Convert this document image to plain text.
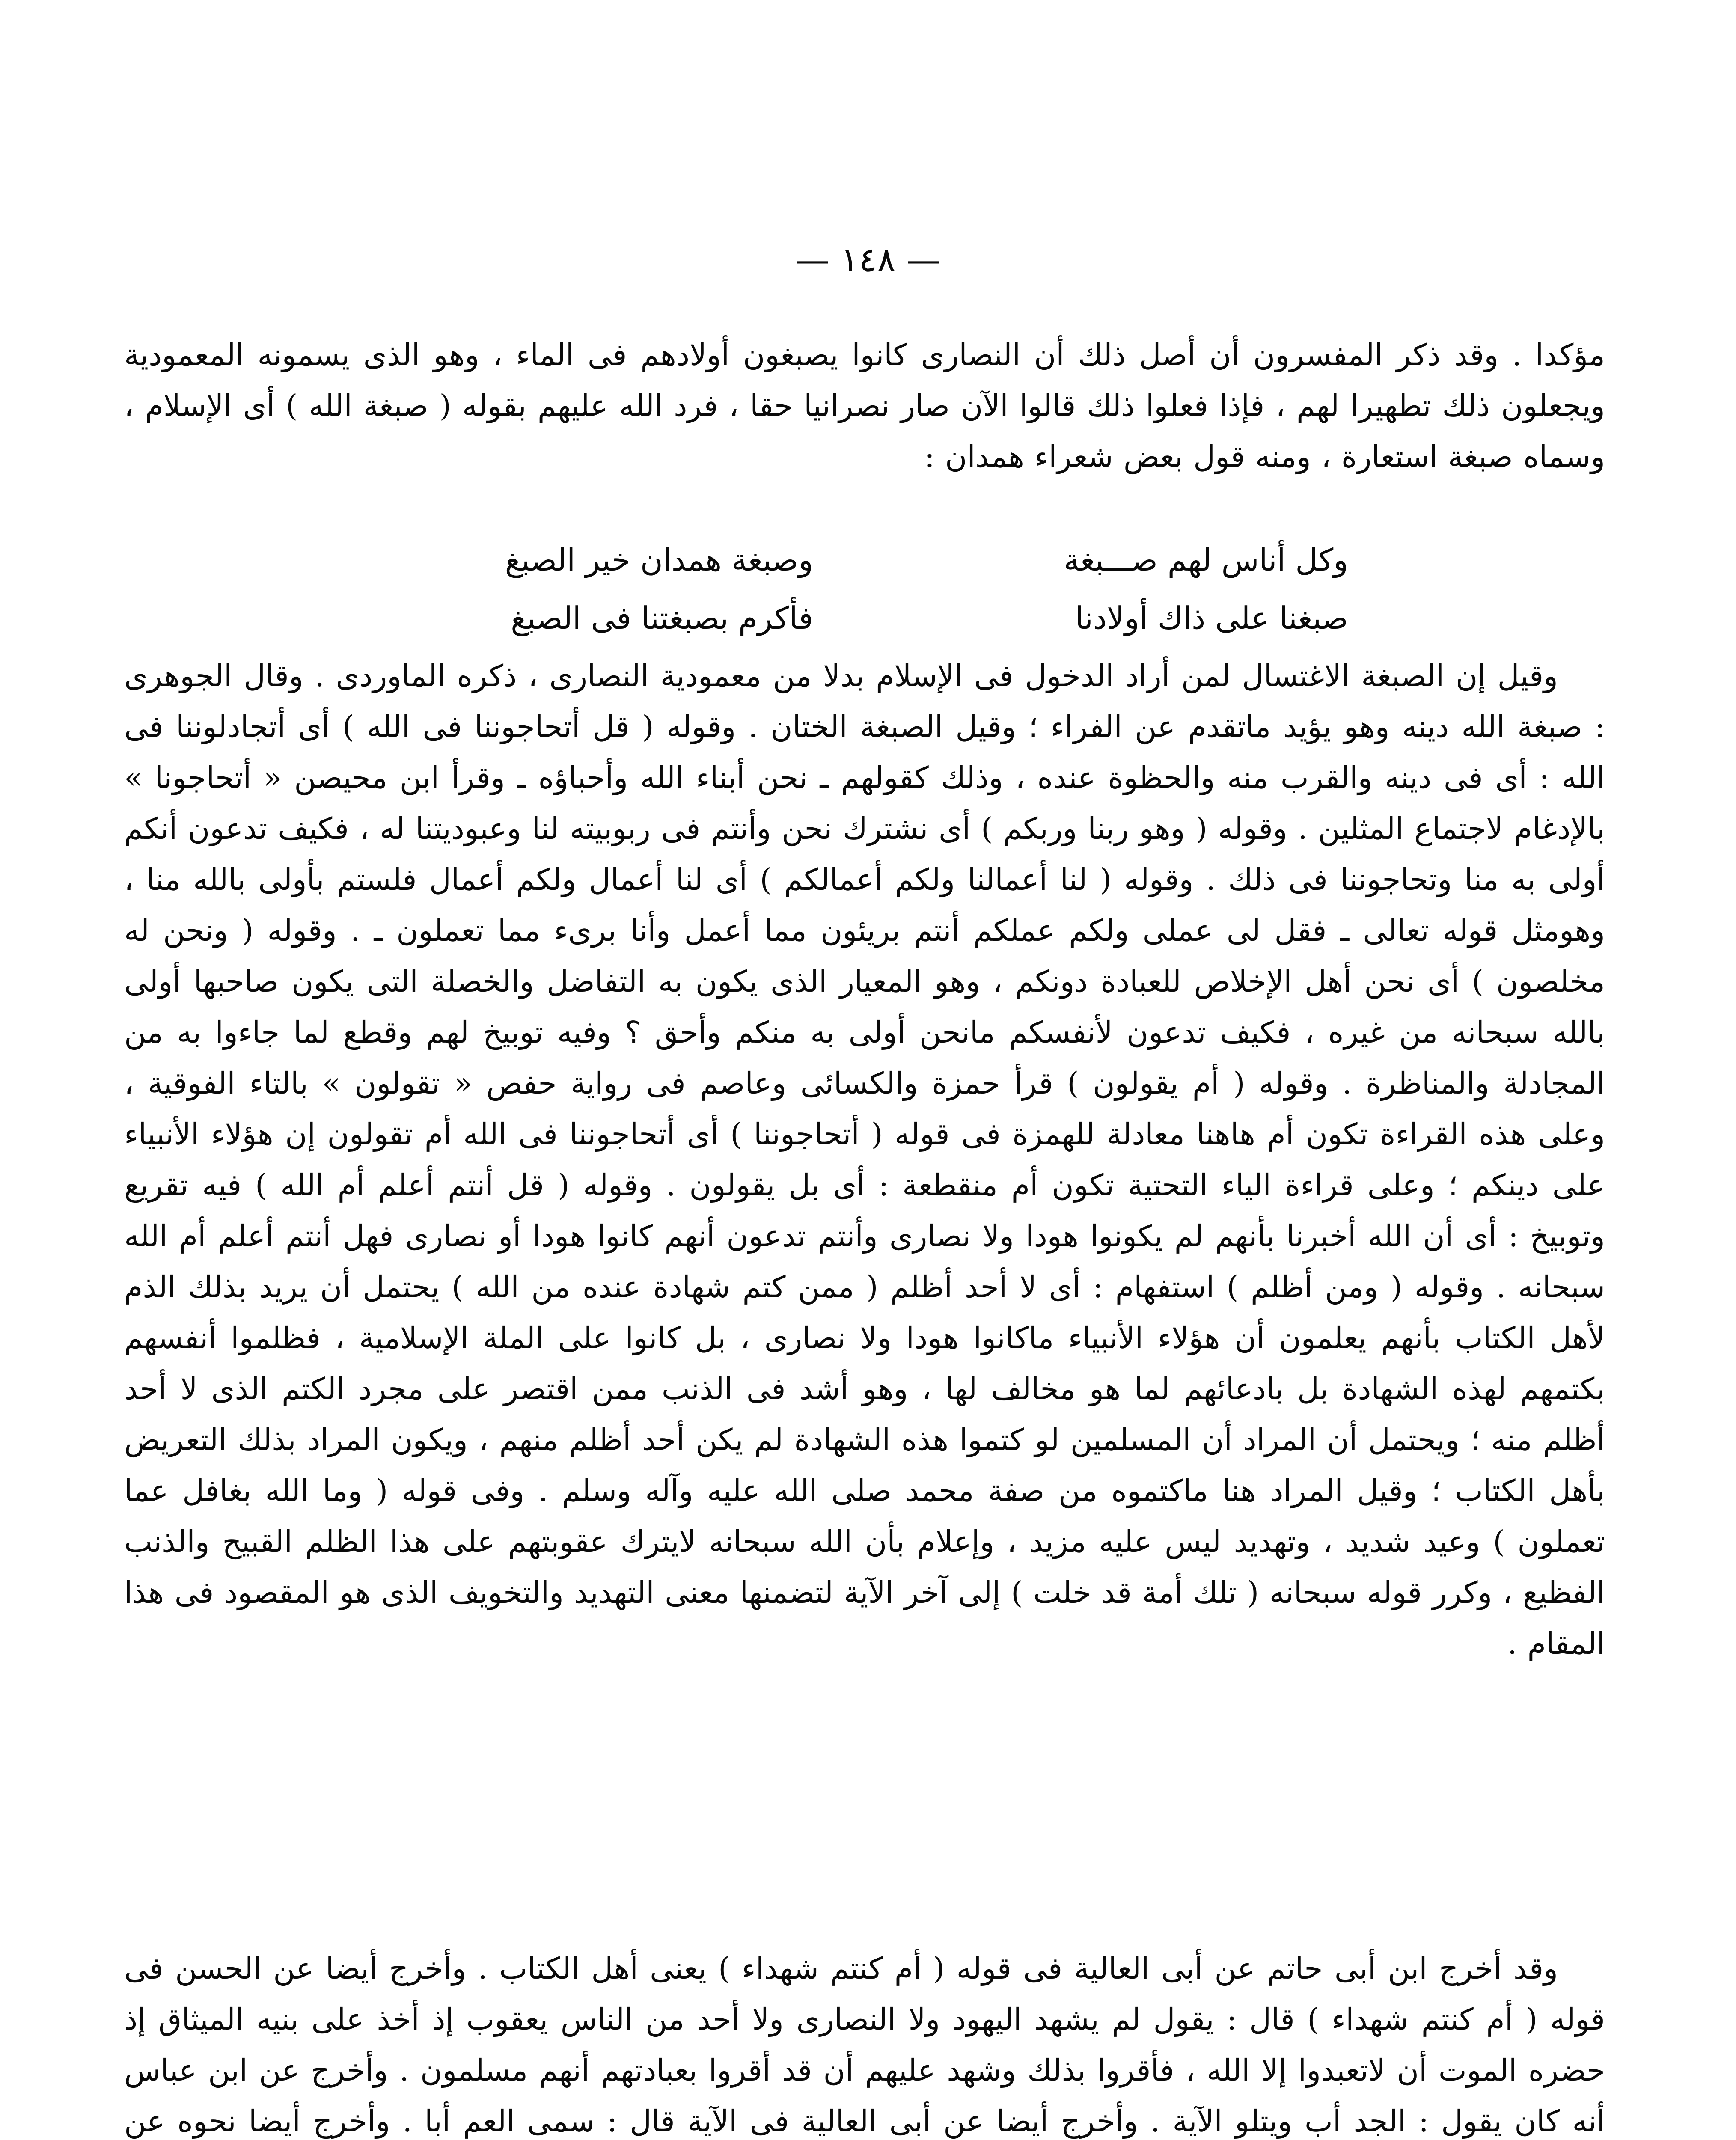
— ١٤٨ —

مؤكدا . وقد ذكر المفسرون أن أصل ذلك أن النصارى كانوا يصبغون أولادهم فى الماء ، وهو الذى يسمونه المعمودية ويجعلون ذلك تطهيرا لهم ، فإذا فعلوا ذلك قالوا الآن صار نصرانيا حقا ، فرد الله عليهم بقوله ( صبغة الله ) أى الإسلام ، وسماه صبغة استعارة ، ومنه قول بعض شعراء همدان :

وكل أناس لهم صـــبغة
وصبغة همدان خير الصبغ
صبغنا على ذاك أولادنا
فأكرم بصبغتنا فى الصبغ

وقيل إن الصبغة الاغتسال لمن أراد الدخول فى الإسلام بدلا من معمودية النصارى ، ذكره الماوردى . وقال الجوهرى : صبغة الله دينه وهو يؤيد ماتقدم عن الفراء ؛ وقيل الصبغة الختان . وقوله ( قل أتحاجوننا فى الله ) أى أتجادلوننا فى الله : أى فى دينه والقرب منه والحظوة عنده ، وذلك كقولهم ـ نحن أبناء الله وأحباؤه ـ وقرأ ابن محيصن « أتحاجونا » بالإدغام لاجتماع المثلين . وقوله ( وهو ربنا وربكم ) أى نشترك نحن وأنتم فى ربوبيته لنا وعبوديتنا له ، فكيف تدعون أنكم أولى به منا وتحاجوننا فى ذلك . وقوله ( لنا أعمالنا ولكم أعمالكم ) أى لنا أعمال ولكم أعمال فلستم بأولى بالله منا ، وهومثل قوله تعالى ـ فقل لى عملى ولكم عملكم أنتم بريئون مما أعمل وأنا برىء مما تعملون ـ . وقوله ( ونحن له مخلصون ) أى نحن أهل الإخلاص للعبادة دونكم ، وهو المعيار الذى يكون به التفاضل والخصلة التى يكون صاحبها أولى بالله سبحانه من غيره ، فكيف تدعون لأنفسكم مانحن أولى به منكم وأحق ؟ وفيه توبيخ لهم وقطع لما جاءوا به من المجادلة والمناظرة . وقوله ( أم يقولون ) قرأ حمزة والكسائى وعاصم فى رواية حفص « تقولون » بالتاء الفوقية ، وعلى هذه القراءة تكون أم هاهنا معادلة للهمزة فى قوله ( أتحاجوننا ) أى أتحاجوننا فى الله أم تقولون إن هؤلاء الأنبياء على دينكم ؛ وعلى قراءة الياء التحتية تكون أم منقطعة : أى بل يقولون . وقوله ( قل أنتم أعلم أم الله ) فيه تقريع وتوبيخ : أى أن الله أخبرنا بأنهم لم يكونوا هودا ولا نصارى وأنتم تدعون أنهم كانوا هودا أو نصارى فهل أنتم أعلم أم الله سبحانه . وقوله ( ومن أظلم ) استفهام : أى لا أحد أظلم ( ممن كتم شهادة عنده من الله ) يحتمل أن يريد بذلك الذم لأهل الكتاب بأنهم يعلمون أن هؤلاء الأنبياء ماكانوا هودا ولا نصارى ، بل كانوا على الملة الإسلامية ، فظلموا أنفسهم بكتمهم لهذه الشهادة بل بادعائهم لما هو مخالف لها ، وهو أشد فى الذنب ممن اقتصر على مجرد الكتم الذى لا أحد أظلم منه ؛ ويحتمل أن المراد أن المسلمين لو كتموا هذه الشهادة لم يكن أحد أظلم منهم ، ويكون المراد بذلك التعريض بأهل الكتاب ؛ وقيل المراد هنا ماكتموه من صفة محمد صلى الله عليه وآله وسلم . وفى قوله ( وما الله بغافل عما تعملون ) وعيد شديد ، وتهديد ليس عليه مزيد ، وإعلام بأن الله سبحانه لايترك عقوبتهم على هذا الظلم القبيح والذنب الفظيع ، وكرر قوله سبحانه ( تلك أمة قد خلت ) إلى آخر الآية لتضمنها معنى التهديد والتخويف الذى هو المقصود فى هذا المقام .

وقد أخرج ابن أبى حاتم عن أبى العالية فى قوله ( أم كنتم شهداء ) يعنى أهل الكتاب . وأخرج أيضا عن الحسن فى قوله ( أم كنتم شهداء ) قال : يقول لم يشهد اليهود ولا النصارى ولا أحد من الناس يعقوب إذ أخذ على بنيه الميثاق إذ حضره الموت أن لاتعبدوا إلا الله ، فأقروا بذلك وشهد عليهم أن قد أقروا بعبادتهم أنهم مسلمون . وأخرج عن ابن عباس أنه كان يقول : الجد أب ويتلو الآية . وأخرج أيضا عن أبى العالية فى الآية قال : سمى العم أبا . وأخرج أيضا نحوه عن
